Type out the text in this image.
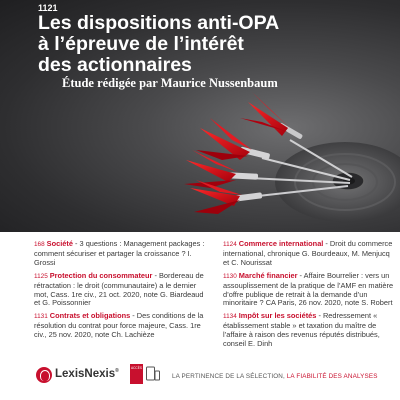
1121
Les dispositions anti-OPA
à l’épreuve de l’intérêt
des actionnaires
Étude rédigée par Maurice Nussenbaum

168 Société - 3 questions : Management packages : comment sécuriser et partager la croissance ? I. Grossi

1125 Protection du consommateur - Bordereau de rétractation : le droit (communautaire) a le dernier mot, Cass. 1re civ., 21 oct. 2020, note G. Biardeaud et G. Poissonnier

1131 Contrats et obligations - Des conditions de la résolution du contrat pour force majeure, Cass. 1re civ., 25 nov. 2020, note Ch. Lachièze

1124 Commerce international - Droit du commerce international, chronique G. Bourdeaux, M. Menjucq et C. Nourissat

1130 Marché financier - Affaire Bourrelier : vers un assouplissement de la pratique de l’AMF en matière d’offre publique de retrait à la demande d’un minoritaire ? CA Paris, 26 nov. 2020, note S. Robert

1134 Impôt sur les sociétés - Redressement « établissement stable » et taxation du maître de l’affaire à raison des revenus réputés distribués, conseil E. Dinh

LexisNexis®
ACCÈS
LA PERTINENCE DE LA SÉLECTION, LA FIABILITÉ DES ANALYSES
